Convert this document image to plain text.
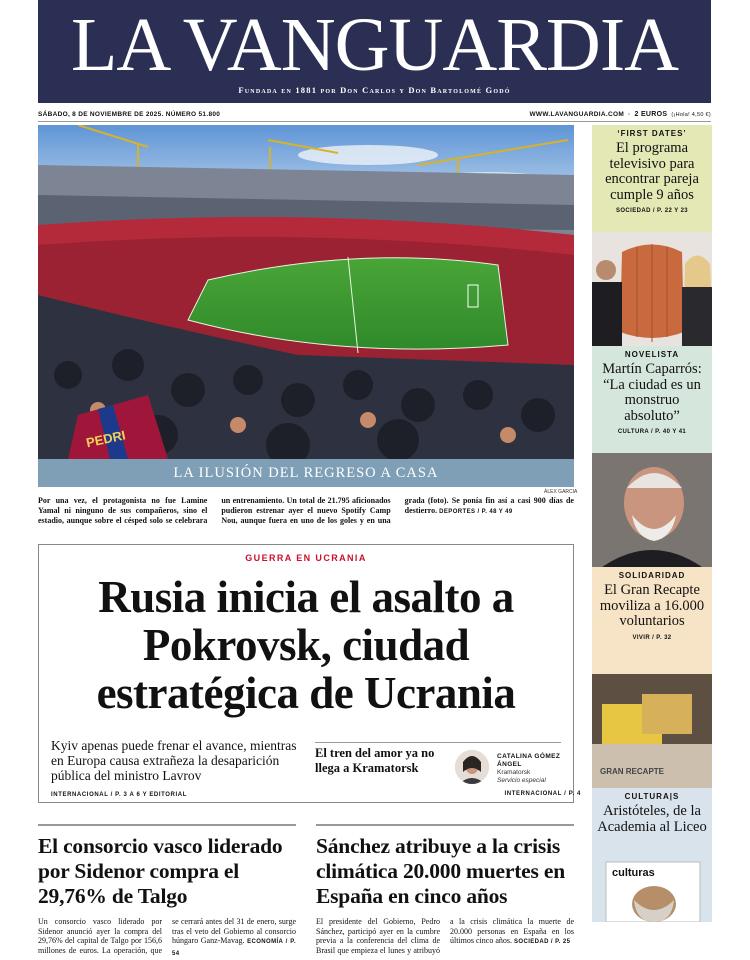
LA VANGUARDIA
Fundada en 1881 por Don Carlos y Don Bartolomé Godó
SÁBADO, 8 DE NOVIEMBRE DE 2025. NÚMERO 51.800	WWW.LAVANGUARDIA.COM · 2 EUROS (¡Hola! 4,50 €)
PEDRI
LA ILUSIÓN DEL REGRESO A CASA
ÀLEX GARCIA
Por una vez, el protagonista no fue Lamine Yamal ni ninguno de sus compañeros, sino el estadio, aunque sobre el césped solo se celebrara un entrenamiento. Un total de 21.795 aficionados pudieron estrenar ayer el nuevo Spotify Camp Nou, aunque fuera en uno de los goles y en una grada (foto). Se ponía fin así a casi 900 días de destierro. DEPORTES / P. 48 Y 49
‘FIRST DATES’
El programa televisivo para encontrar pareja cumple 9 años
SOCIEDAD / P. 22 Y 23
NOVELISTA
Martín Caparrós: “La ciudad es un monstruo absoluto”
CULTURA / P. 40 Y 41
SOLIDARIDAD
El Gran Recapte moviliza a 16.000 voluntarios
VIVIR / P. 32
GRAN RECAPTE
CULTURA|S
Aristóteles, de la Academia al Liceo
culturas
GUERRA EN UCRANIA
Rusia inicia el asalto a Pokrovsk, ciudad estratégica de Ucrania
Kyiv apenas puede frenar el avance, mientras en Europa causa extrañeza la desaparición pública del ministro Lavrov
INTERNACIONAL / P. 3 A 6 Y EDITORIAL
El tren del amor ya no llega a Kramatorsk
INTERNACIONAL / P. 4
CATALINA GÓMEZ ÁNGEL
Kramatorsk
Servicio especial
El consorcio vasco liderado por Sidenor compra el 29,76% de Talgo
Un consorcio vasco liderado por Sidenor anunció ayer la compra del 29,76% del capital de Talgo por 156,6 millones de euros. La operación, que se cerrará antes del 31 de enero, surge tras el veto del Gobierno al consorcio húngaro Ganz-Mavag. ECONOMÍA / P. 54
Sánchez atribuye a la crisis climática 20.000 muertes en España en cinco años
El presidente del Gobierno, Pedro Sánchez, participó ayer en la cumbre previa a la conferencia del clima de Brasil que empieza el lunes y atribuyó a la crisis climática la muerte de 20.000 personas en España en los últimos cinco años. SOCIEDAD / P. 25
